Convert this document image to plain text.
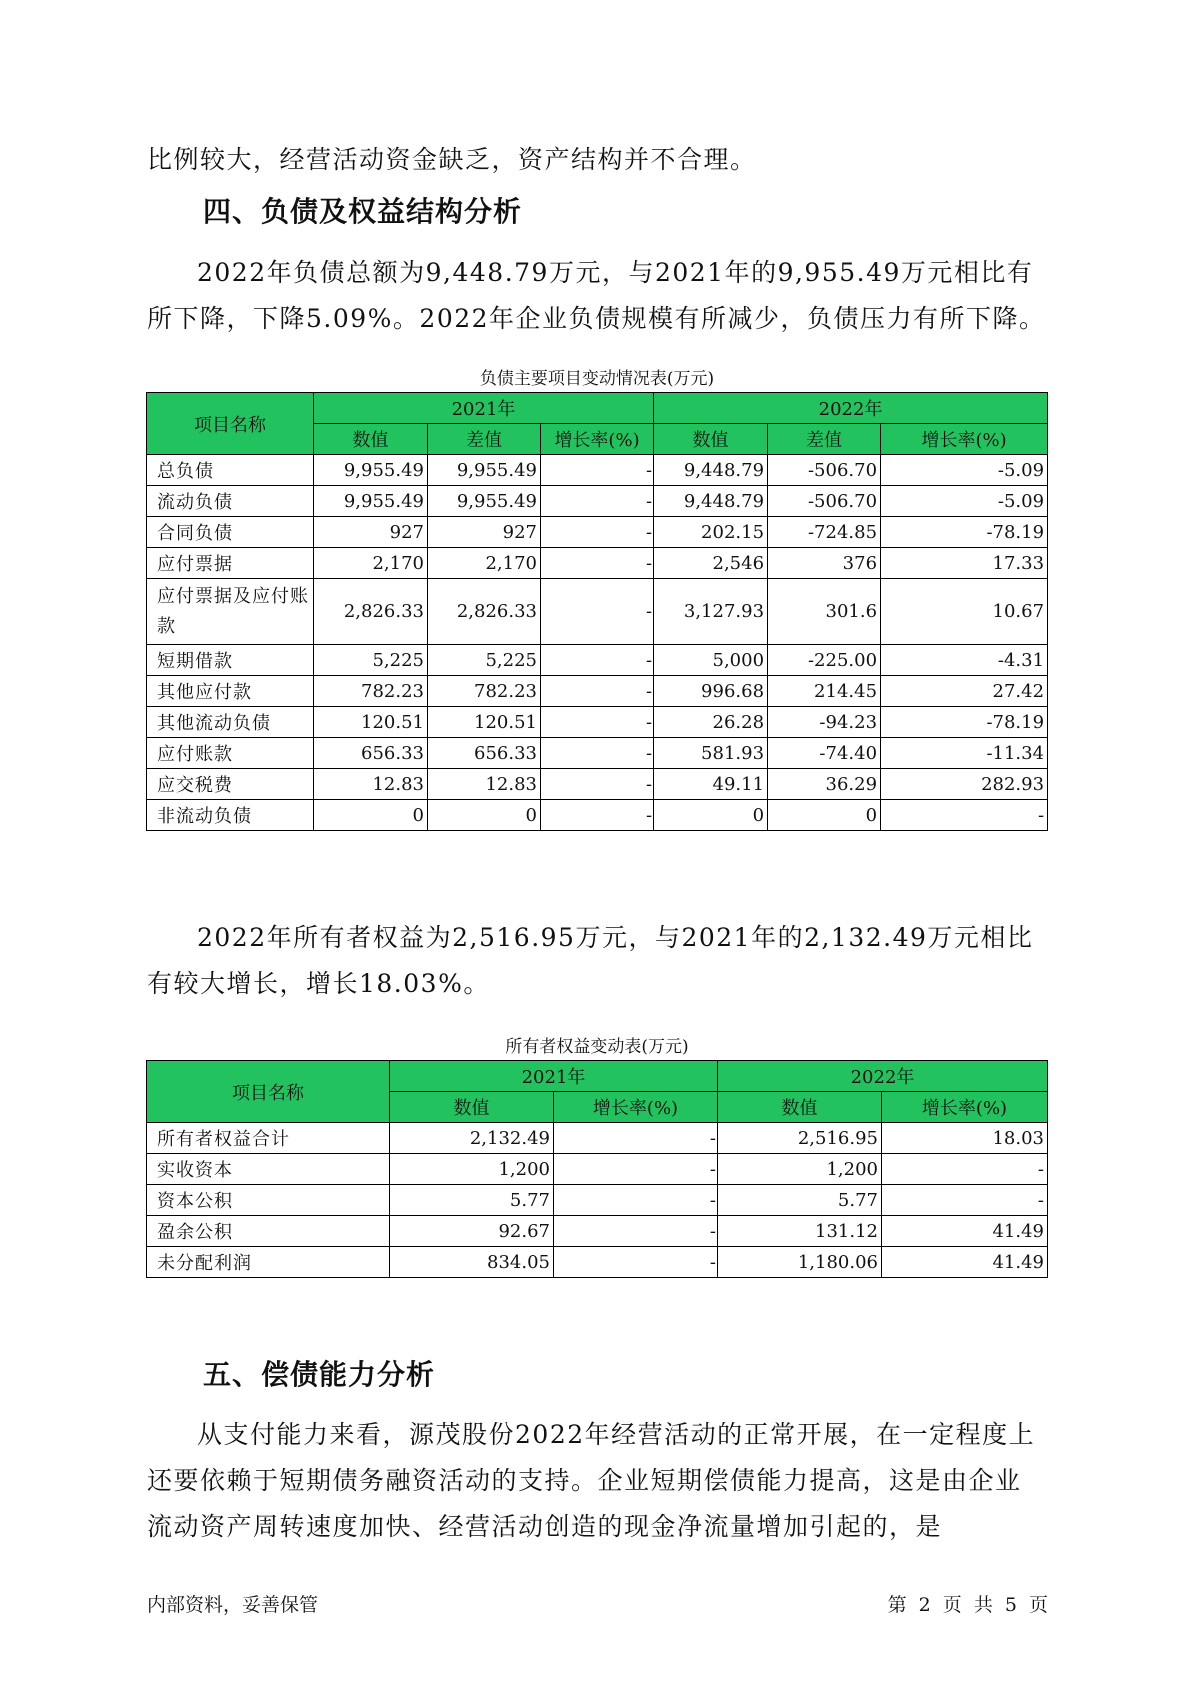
比例较大，经营活动资金缺乏，资产结构并不合理。

四、负债及权益结构分析

2022年负债总额为9,448.79万元，与2021年的9,955.49万元相比有所下降，下降5.09%。2022年企业负债规模有所减少，负债压力有所下降。

负债主要项目变动情况表(万元)

项目名称	2021年			2022年		
	数值	差值	增长率(%)	数值	差值	增长率(%)
总负债	9,955.49	9,955.49	-	9,448.79	-506.70	-5.09
流动负债	9,955.49	9,955.49	-	9,448.79	-506.70	-5.09
合同负债	927	927	-	202.15	-724.85	-78.19
应付票据	2,170	2,170	-	2,546	376	17.33
应付票据及应付账款	2,826.33	2,826.33	-	3,127.93	301.6	10.67
短期借款	5,225	5,225	-	5,000	-225.00	-4.31
其他应付款	782.23	782.23	-	996.68	214.45	27.42
其他流动负债	120.51	120.51	-	26.28	-94.23	-78.19
应付账款	656.33	656.33	-	581.93	-74.40	-11.34
应交税费	12.83	12.83	-	49.11	36.29	282.93
非流动负债	0	0	-	0	0	-

2022年所有者权益为2,516.95万元，与2021年的2,132.49万元相比有较大增长，增长18.03%。

所有者权益变动表(万元)

项目名称	2021年		2022年	
	数值	增长率(%)	数值	增长率(%)
所有者权益合计	2,132.49	-	2,516.95	18.03
实收资本	1,200	-	1,200	-
资本公积	5.77	-	5.77	-
盈余公积	92.67	-	131.12	41.49
未分配利润	834.05	-	1,180.06	41.49
五、偿债能力分析

从支付能力来看，源茂股份2022年经营活动的正常开展，在一定程度上还要依赖于短期债务融资活动的支持。企业短期偿债能力提高，这是由企业流动资产周转速度加快、经营活动创造的现金净流量增加引起的，是

内部资料，妥善保管	第 2 页 共 5 页
